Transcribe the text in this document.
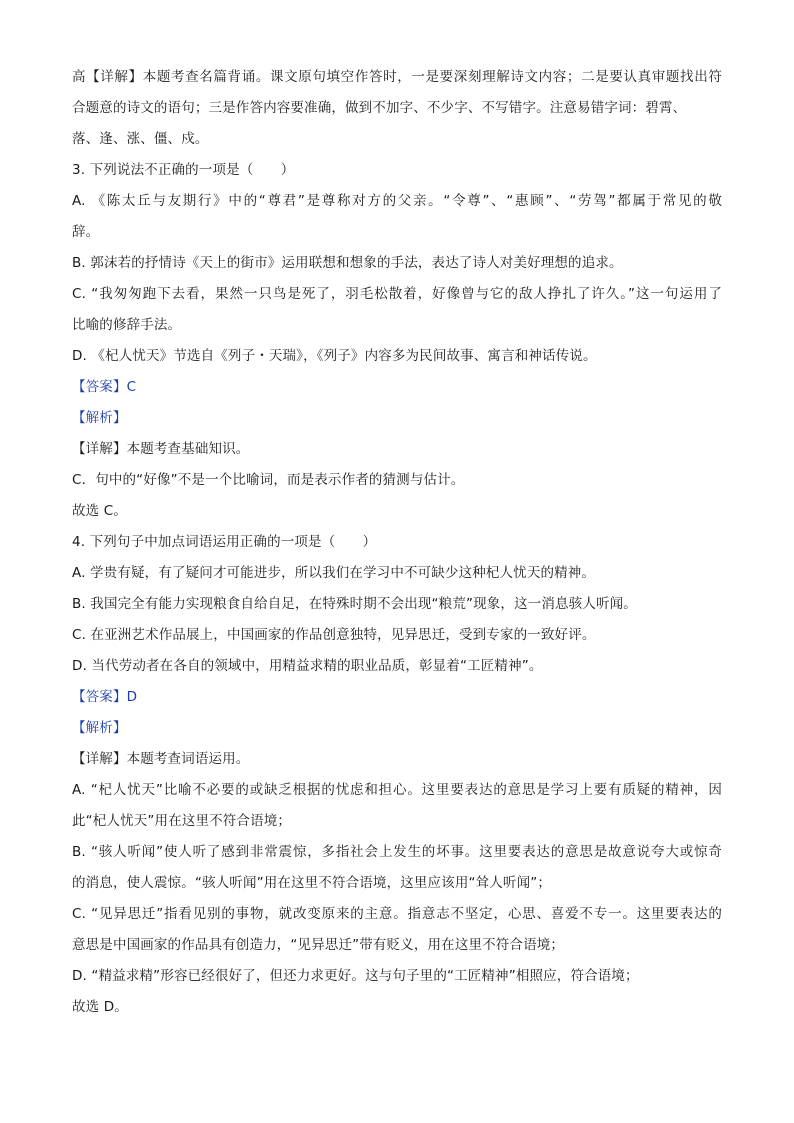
高【详解】本题考查名篇背诵。课文原句填空作答时，一是要深刻理解诗文内容；二是要认真审题找出符
合题意的诗文的语句；三是作答内容要准确，做到不加字、不少字、不写错字。注意易错字词：碧霄、
落、逢、涨、僵、戍。
3. 下列说法不正确的一项是（　　）
A. 《陈太丘与友期行》中的“尊君”是尊称对方的父亲。“令尊”、“惠顾”、“劳驾”都属于常见的敬
辞。
B. 郭沫若的抒情诗《天上的街市》运用联想和想象的手法，表达了诗人对美好理想的追求。
C. “我匆匆跑下去看，果然一只鸟是死了，羽毛松散着，好像曾与它的敌人挣扎了许久。”这一句运用了
比喻的修辞手法。
D. 《杞人忧天》节选自《列子・天瑞》，《列子》内容多为民间故事、寓言和神话传说。
【答案】C
【解析】
【详解】本题考查基础知识。
C．句中的“好像”不是一个比喻词，而是表示作者的猜测与估计。
故选 C。
4. 下列句子中加点词语运用正确的一项是（　　）
A. 学贵有疑，有了疑问才可能进步，所以我们在学习中不可缺少这种杞人忧天的精神。
B. 我国完全有能力实现粮食自给自足，在特殊时期不会出现“粮荒”现象，这一消息骇人听闻。
C. 在亚洲艺术作品展上，中国画家的作品创意独特，见异思迁，受到专家的一致好评。
D. 当代劳动者在各自的领域中，用精益求精的职业品质，彰显着“工匠精神”。
【答案】D
【解析】
【详解】本题考查词语运用。
A. “杞人忧天”比喻不必要的或缺乏根据的忧虑和担心。这里要表达的意思是学习上要有质疑的精神，因
此“杞人忧天”用在这里不符合语境；
B. “骇人听闻”使人听了感到非常震惊，多指社会上发生的坏事。这里要表达的意思是故意说夸大或惊奇
的消息，使人震惊。“骇人听闻”用在这里不符合语境，这里应该用“耸人听闻”；
C. “见异思迁”指看见别的事物，就改变原来的主意。指意志不坚定，心思、喜爱不专一。这里要表达的
意思是中国画家的作品具有创造力，“见异思迁”带有贬义，用在这里不符合语境；
D. “精益求精”形容已经很好了，但还力求更好。这与句子里的“工匠精神”相照应，符合语境；
故选 D。
